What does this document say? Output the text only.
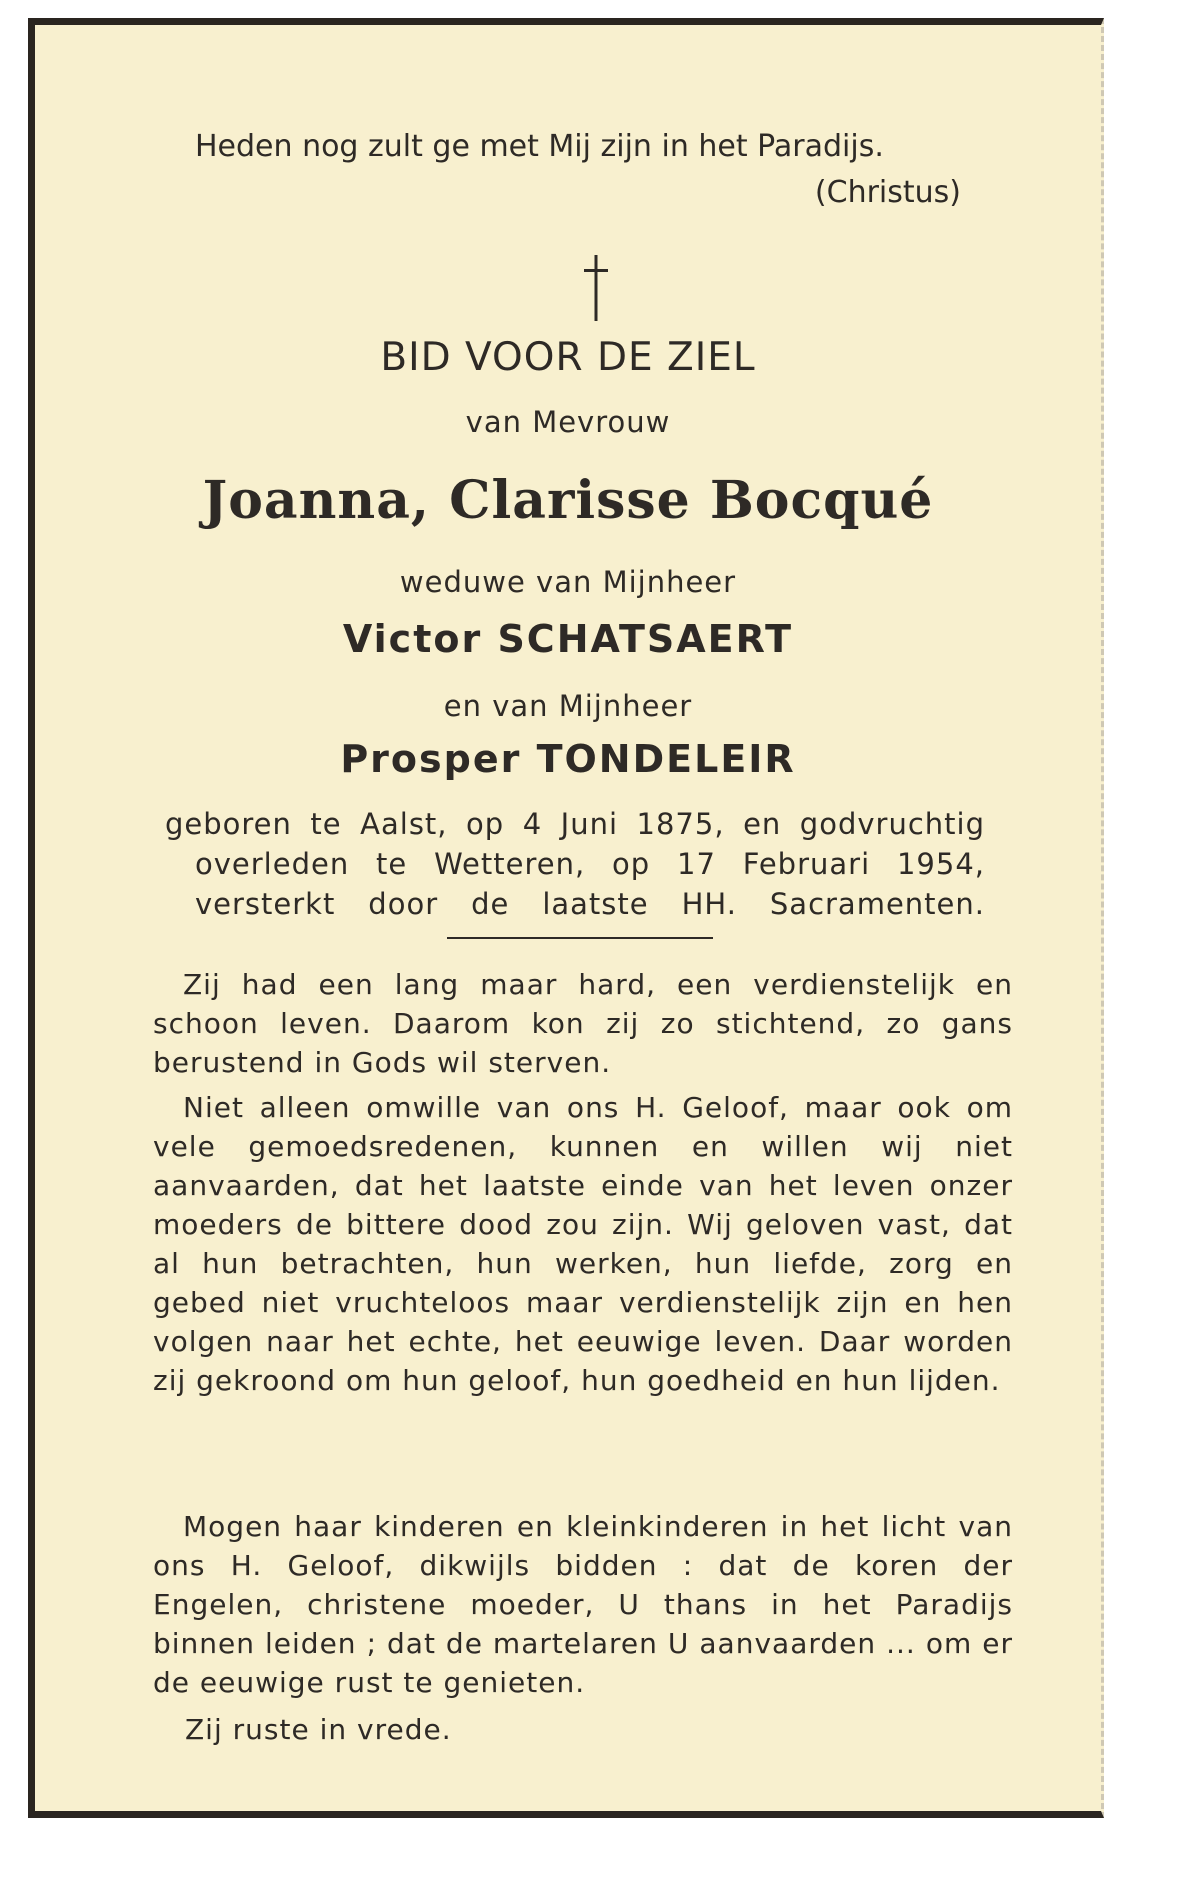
Heden nog zult ge met Mij zijn in het Paradijs.
(Christus)
BID VOOR DE ZIEL
van Mevrouw
Joanna, Clarisse Bocqué
weduwe van Mijnheer
Victor SCHATSAERT
en van Mijnheer
Prosper TONDELEIR
geboren te Aalst, op 4 Juni 1875, en godvruchtig
overleden te Wetteren, op 17 Februari 1954,
versterkt door de laatste HH. Sacramenten.
Zij had een lang maar hard, een verdienstelijk en schoon leven. Daarom kon zij zo stichtend, zo gans berustend in Gods wil sterven.
Niet alleen omwille van ons H. Geloof, maar ook om vele gemoedsredenen, kunnen en willen wij niet aanvaarden, dat het laatste einde van het leven onzer moeders de bittere dood zou zijn. Wij geloven vast, dat al hun betrachten, hun werken, hun liefde, zorg en gebed niet vruchteloos maar verdienstelijk zijn en hen volgen naar het echte, het eeuwige leven. Daar worden zij gekroond om hun geloof, hun goedheid en hun lijden.
Mogen haar kinderen en kleinkinderen in het licht van ons H. Geloof, dikwijls bidden : dat de koren der Engelen, christene moeder, U thans in het Paradijs binnen leiden ; dat de martelaren U aanvaarden ... om er de eeuwige rust te genieten.
Zij ruste in vrede.
